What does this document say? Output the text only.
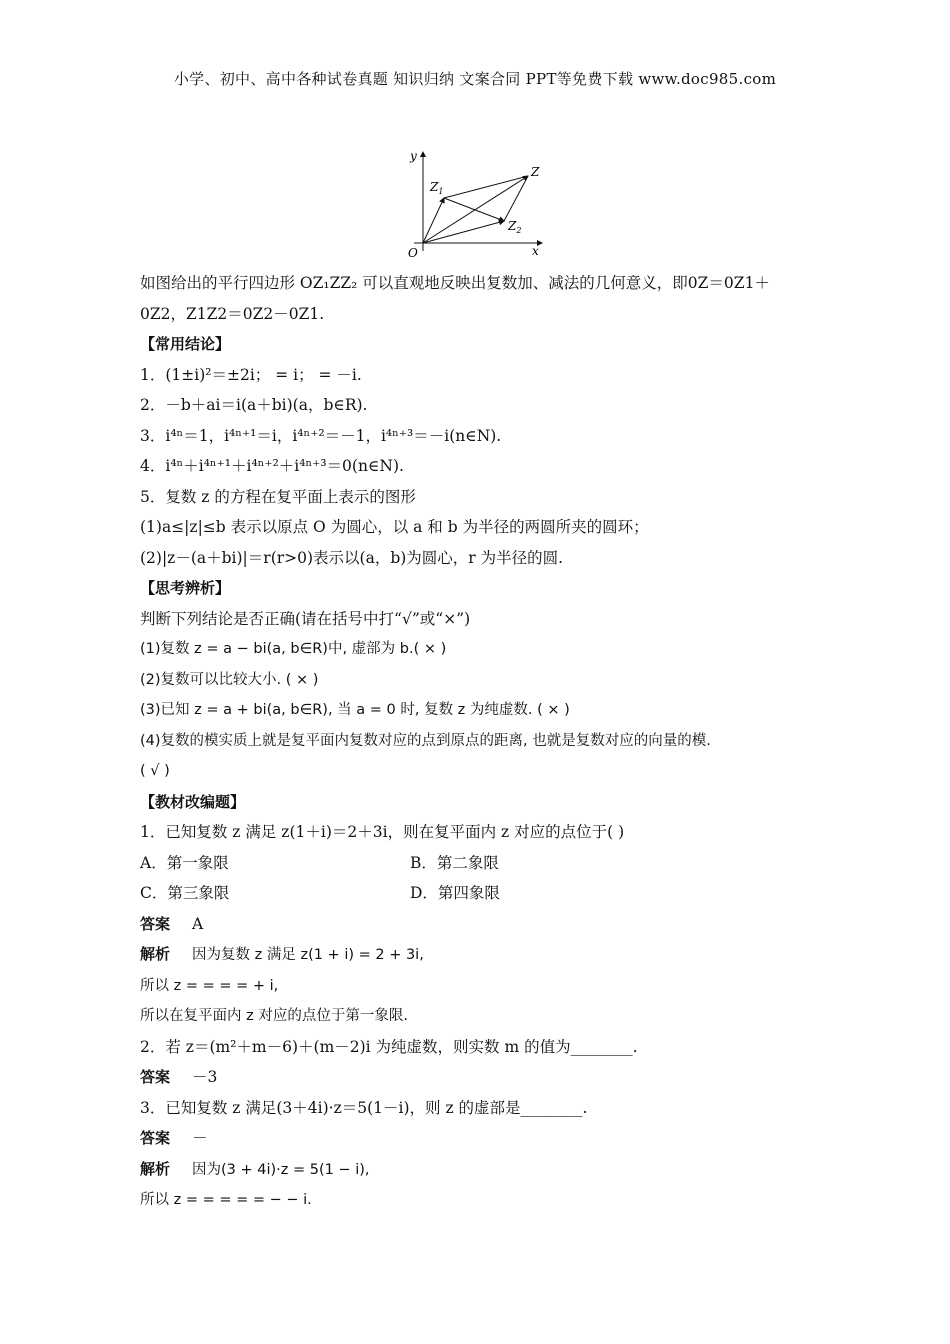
小学、初中、高中各种试卷真题 知识归纳 文案合同 PPT等免费下载 www.doc985.com
y
x
O
Z
$Z_1$
$Z_2$
如图给出的平行四边形 OZ₁ZZ₂ 可以直观地反映出复数加、减法的几何意义，即0Z＝0Z1＋
0Z2，Z1Z2＝0Z2－0Z1.
【常用结论】
1．(1±i)²＝±2i； = i； = －i.
2．－b＋ai＝i(a＋bi)(a，b∈R).
3．i⁴ⁿ＝1，i⁴ⁿ⁺¹＝i，i⁴ⁿ⁺²＝－1，i⁴ⁿ⁺³＝－i(n∈N).
4．i⁴ⁿ＋i⁴ⁿ⁺¹＋i⁴ⁿ⁺²＋i⁴ⁿ⁺³＝0(n∈N).
5．复数 z 的方程在复平面上表示的图形
(1)a≤|z|≤b 表示以原点 O 为圆心，以 a 和 b 为半径的两圆所夹的圆环；
(2)|z－(a＋bi)|＝r(r>0)表示以(a，b)为圆心，r 为半径的圆.
【思考辨析】
判断下列结论是否正确(请在括号中打“√”或“×”)
(1)复数 z = a − bi(a, b∈R)中, 虚部为 b.( × )
(2)复数可以比较大小. ( × )
(3)已知 z = a + bi(a, b∈R), 当 a = 0 时, 复数 z 为纯虚数. ( × )
(4)复数的模实质上就是复平面内复数对应的点到原点的距离, 也就是复数对应的向量的模.
( √ )
【教材改编题】
1．已知复数 z 满足 z(1＋i)＝2＋3i，则在复平面内 z 对应的点位于( )
A．第一象限	B．第二象限
C．第三象限	D．第四象限
答案 A
解析 因为复数 z 满足 z(1 + i) = 2 + 3i,
所以 z = = = = + i,
所以在复平面内 z 对应的点位于第一象限.
2．若 z＝(m²＋m－6)＋(m－2)i 为纯虚数，则实数 m 的值为________.
答案 －3
3．已知复数 z 满足(3＋4i)·z＝5(1－i)，则 z 的虚部是________.
答案 －
解析 因为(3 + 4i)·z = 5(1 − i),
所以 z = = = = = − − i.
